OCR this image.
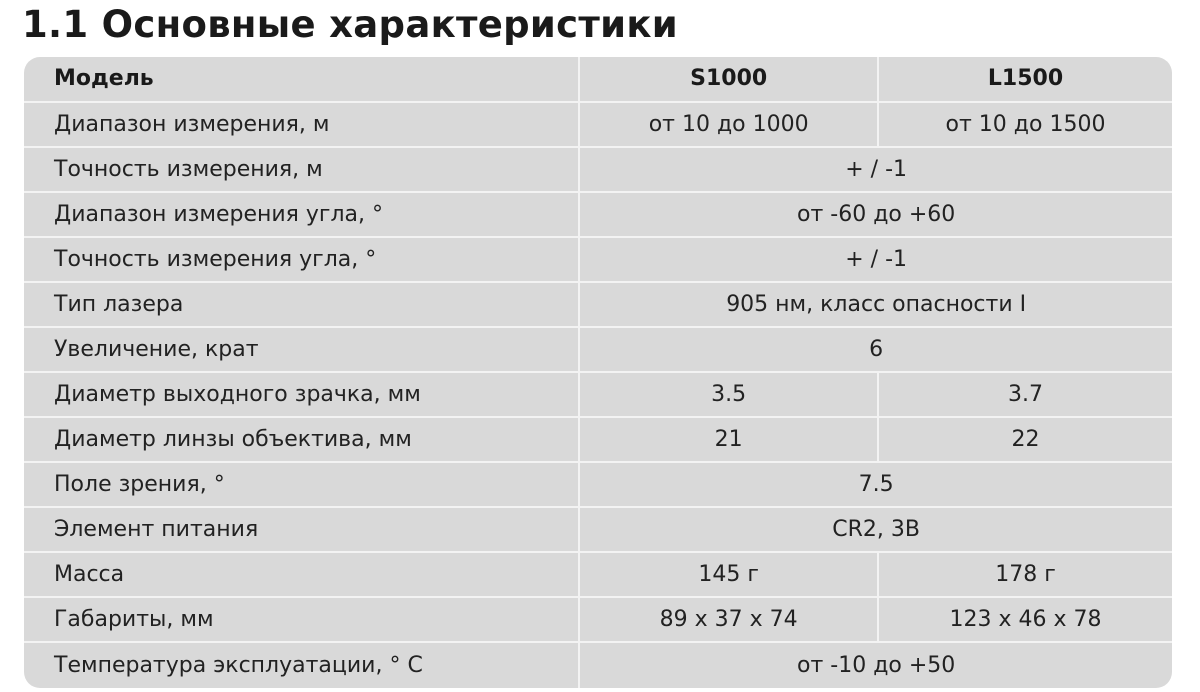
1.1 Основные характеристики
Модель	S1000	L1500
Диапазон измерения, м	от 10 до 1000	от 10 до 1500
Точность измерения, м	+ / -1	
Диапазон измерения угла, °	от -60 до +60	
Точность измерения угла, °	+ / -1	
Тип лазера	905 нм, класс опасности I	
Увеличение, крат	6	
Диаметр выходного зрачка, мм	3.5	3.7
Диаметр линзы объектива, мм	21	22
Поле зрения, °	7.5	
Элемент питания	CR2, 3В	
Масса	145 г	178 г
Габариты, мм	89 x 37 x 74	123 x 46 x 78
Температура эксплуатации, ° С	от -10 до +50	
